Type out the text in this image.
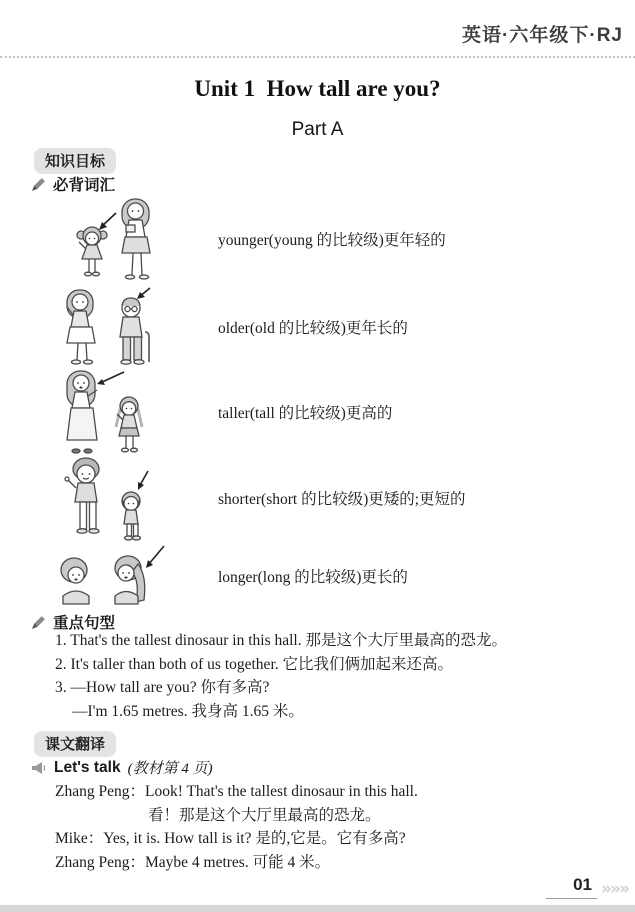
英语·六年级下·RJ
Unit 1  How tall are you?
Part A
知识目标
必背词汇
younger(young 的比较级)更年轻的
older(old 的比较级)更年长的
taller(tall 的比较级)更高的
shorter(short 的比较级)更矮的;更短的
longer(long 的比较级)更长的
重点句型
1. That's the tallest dinosaur in this hall. 那是这个大厅里最高的恐龙。
2. It's taller than both of us together. 它比我们俩加起来还高。
3. —How tall are you? 你有多高?
—I'm 1.65 metres. 我身高 1.65 米。
课文翻译
Let's talk (教材第 4 页)
Zhang Peng：Look! That's the tallest dinosaur in this hall.
看！那是这个大厅里最高的恐龙。
Mike：Yes, it is. How tall is it? 是的,它是。它有多高?
Zhang Peng：Maybe 4 metres. 可能 4 米。
01 »»»
